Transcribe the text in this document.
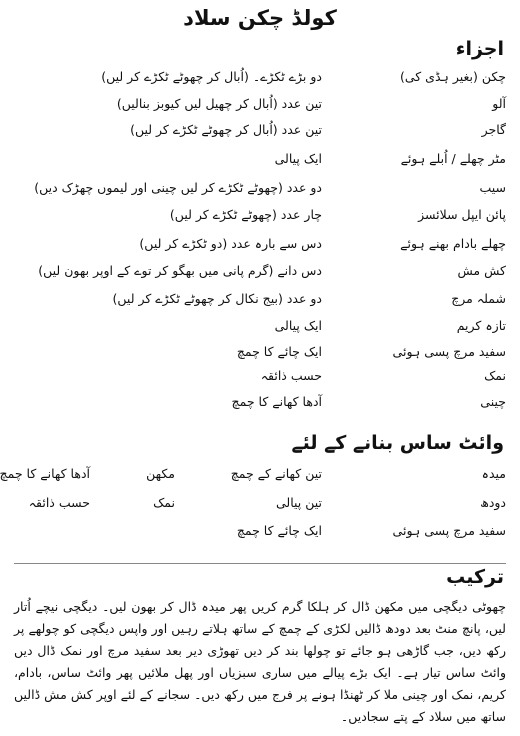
کولڈ چکن سلاد
اجزاء
چکن (بغیر ہڈی کی)
دو بڑے ٹکڑے۔ (اُبال کر چھوٹے ٹکڑے کر لیں)
آلو
تین عدد (اُبال کر چھیل لیں کیوبز بنالیں)
گاجر
تین عدد (اُبال کر چھوٹے ٹکڑے کر لیں)
مٹر چھلے / اُبلے ہوئے
ایک پیالی
سیب
دو عدد (چھوٹے ٹکڑے کر لیں چینی اور لیموں چھڑک دیں)
پائن ایپل سلائسز
چار عدد (چھوٹے ٹکڑے کر لیں)
چھلے بادام بھنے ہوئے
دس سے بارہ عدد (دو ٹکڑے کر لیں)
کش مش
دس دانے (گرم پانی میں بھگو کر توے کے اوپر بھون لیں)
شملہ مرچ
دو عدد (بیج نکال کر چھوٹے ٹکڑے کر لیں)
تازہ کریم
ایک پیالی
سفید مرچ پسی ہوئی
ایک چائے کا چمچ
نمک
حسب ذائقہ
چینی
آدھا کھانے کا چمچ
وائٹ ساس بنانے کے لئے
میدہ
تین کھانے کے چمچ
مکھن
آدھا کھانے کا چمچ
دودھ
تین پیالی
نمک
حسب ذائقہ
سفید مرچ پسی ہوئی
ایک چائے کا چمچ
ترکیب

چھوٹی دیگچی میں مکھن ڈال کر ہلکا گرم کریں پھر میدہ ڈال کر بھون لیں۔ دیگچی نیچے اُتار لیں، پانچ منٹ بعد دودھ ڈالیں لکڑی کے چمچ کے ساتھ ہلاتے رہیں اور واپس دیگچی کو چولھے پر رکھ دیں، جب گاڑھی ہو جائے تو چولھا بند کر دیں تھوڑی دیر بعد سفید مرچ اور نمک ڈال دیں وائٹ ساس تیار ہے۔ ایک بڑے پیالے میں ساری سبزیاں اور پھل ملائیں پھر وائٹ ساس، بادام، کریم، نمک اور چینی ملا کر ٹھنڈا ہونے پر فرج میں رکھ دیں۔ سجانے کے لئے اوپر کش مش ڈالیں ساتھ میں سلاد کے پتے سجادیں۔
